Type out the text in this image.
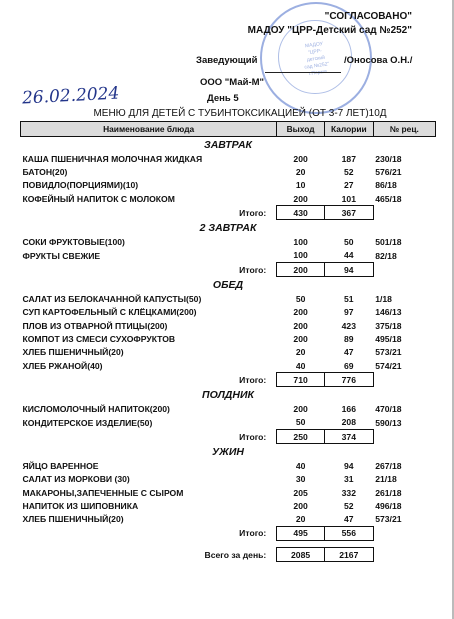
МАДОУ
"ЦРР-
детский
сад №252"
г.Перми
"СОГЛАСОВАНО"
МАДОУ "ЦРР-Детский сад №252"
Заведующий	/Оносова О.Н./
ООО "Май-М"
День 5
26.02.2024
МЕНЮ ДЛЯ ДЕТЕЙ С ТУБИНТОКСИКАЦИЕЙ (ОТ 3-7 ЛЕТ)10Д
Наименование блюда	Выход	Калории	№ рец.
ЗАВТРАК			
КАША ПШЕНИЧНАЯ МОЛОЧНАЯ ЖИДКАЯ	200	187	230/18
БАТОН(20)	20	52	576/21
ПОВИДЛО(ПОРЦИЯМИ)(10)	10	27	86/18
КОФЕЙНЫЙ НАПИТОК С МОЛОКОМ	200	101	465/18
Итого:	430	367	
2 ЗАВТРАК			
СОКИ ФРУКТОВЫЕ(100)	100	50	501/18
ФРУКТЫ СВЕЖИЕ	100	44	82/18
Итого:	200	94	
ОБЕД			
САЛАТ ИЗ БЕЛОКАЧАННОЙ КАПУСТЫ(50)	50	51	1/18
СУП КАРТОФЕЛЬНЫЙ С КЛЁЦКАМИ(200)	200	97	146/13
ПЛОВ ИЗ ОТВАРНОЙ ПТИЦЫ(200)	200	423	375/18
КОМПОТ ИЗ СМЕСИ СУХОФРУКТОВ	200	89	495/18
ХЛЕБ ПШЕНИЧНЫЙ(20)	20	47	573/21
ХЛЕБ РЖАНОЙ(40)	40	69	574/21
Итого:	710	776	
ПОЛДНИК			
КИСЛОМОЛОЧНЫЙ НАПИТОК(200)	200	166	470/18
КОНДИТЕРСКОЕ ИЗДЕЛИЕ(50)	50	208	590/13
Итого:	250	374	
УЖИН			
ЯЙЦО ВАРЕННОЕ	40	94	267/18
САЛАТ ИЗ МОРКОВИ (30)	30	31	21/18
МАКАРОНЫ,ЗАПЕЧЕННЫЕ С СЫРОМ	205	332	261/18
НАПИТОК ИЗ ШИПОВНИКА	200	52	496/18
ХЛЕБ ПШЕНИЧНЫЙ(20)	20	47	573/21
Итого:	495	556	

Всего за день:	2085	2167	
